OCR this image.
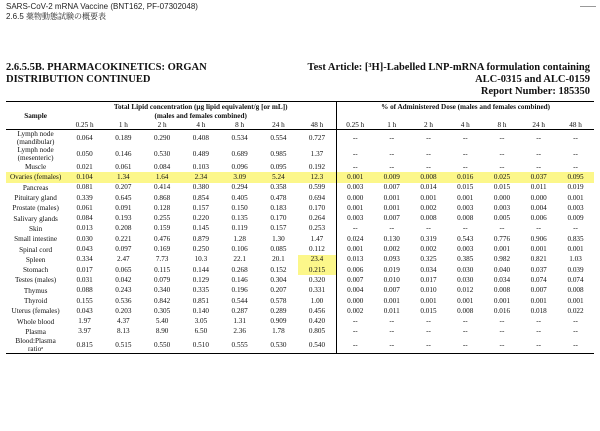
SARS-CoV-2 mRNA Vaccine (BNT162, PF-07302048)
2.6.5 薬物動態試験の概要表
2.6.5.5B. PHARMACOKINETICS: ORGAN
DISTRIBUTION CONTINUED
Test Article: [³H]-Labelled LNP-mRNA formulation containing
ALC-0315 and ALC-0159
Report Number: 185350
Sample	Total Lipid concentration (µg lipid equivalent/g [or mL])
(males and females combined)							% of Administered Dose (males and females combined)						
	0.25 h	1 h	2 h	4 h	8 h	24 h	48 h	0.25 h	1 h	2 h	4 h	8 h	24 h	48 h
Lymph node (mandibular)	0.064	0.189	0.290	0.408	0.534	0.554	0.727	--	--	--	--	--	--	--
Lymph node (mesenteric)	0.050	0.146	0.530	0.489	0.689	0.985	1.37	--	--	--	--	--	--	--
Muscle	0.021	0.061	0.084	0.103	0.096	0.095	0.192	--	--	--	--	--	--	--
Ovaries (females)	0.104	1.34	1.64	2.34	3.09	5.24	12.3	0.001	0.009	0.008	0.016	0.025	0.037	0.095
Pancreas	0.081	0.207	0.414	0.380	0.294	0.358	0.599	0.003	0.007	0.014	0.015	0.015	0.011	0.019
Pituitary gland	0.339	0.645	0.868	0.854	0.405	0.478	0.694	0.000	0.001	0.001	0.001	0.000	0.000	0.001
Prostate (males)	0.061	0.091	0.128	0.157	0.150	0.183	0.170	0.001	0.001	0.002	0.003	0.003	0.004	0.003
Salivary glands	0.084	0.193	0.255	0.220	0.135	0.170	0.264	0.003	0.007	0.008	0.008	0.005	0.006	0.009
Skin	0.013	0.208	0.159	0.145	0.119	0.157	0.253	--	--	--	--	--	--	--
Small intestine	0.030	0.221	0.476	0.879	1.28	1.30	1.47	0.024	0.130	0.319	0.543	0.776	0.906	0.835
Spinal cord	0.043	0.097	0.169	0.250	0.106	0.085	0.112	0.001	0.002	0.002	0.003	0.001	0.001	0.001
Spleen	0.334	2.47	7.73	10.3	22.1	20.1	23.4	0.013	0.093	0.325	0.385	0.982	0.821	1.03
Stomach	0.017	0.065	0.115	0.144	0.268	0.152	0.215	0.006	0.019	0.034	0.030	0.040	0.037	0.039
Testes (males)	0.031	0.042	0.079	0.129	0.146	0.304	0.320	0.007	0.010	0.017	0.030	0.034	0.074	0.074
Thymus	0.088	0.243	0.340	0.335	0.196	0.207	0.331	0.004	0.007	0.010	0.012	0.008	0.007	0.008
Thyroid	0.155	0.536	0.842	0.851	0.544	0.578	1.00	0.000	0.001	0.001	0.001	0.001	0.001	0.001
Uterus (females)	0.043	0.203	0.305	0.140	0.287	0.289	0.456	0.002	0.011	0.015	0.008	0.016	0.018	0.022
Whole blood	1.97	4.37	5.40	3.05	1.31	0.909	0.420	--	--	--	--	--	--	--
Plasma	3.97	8.13	8.90	6.50	2.36	1.78	0.805	--	--	--	--	--	--	--
Blood:Plasma ratioᵃ	0.815	0.515	0.550	0.510	0.555	0.530	0.540	--	--	--	--	--	--	--
